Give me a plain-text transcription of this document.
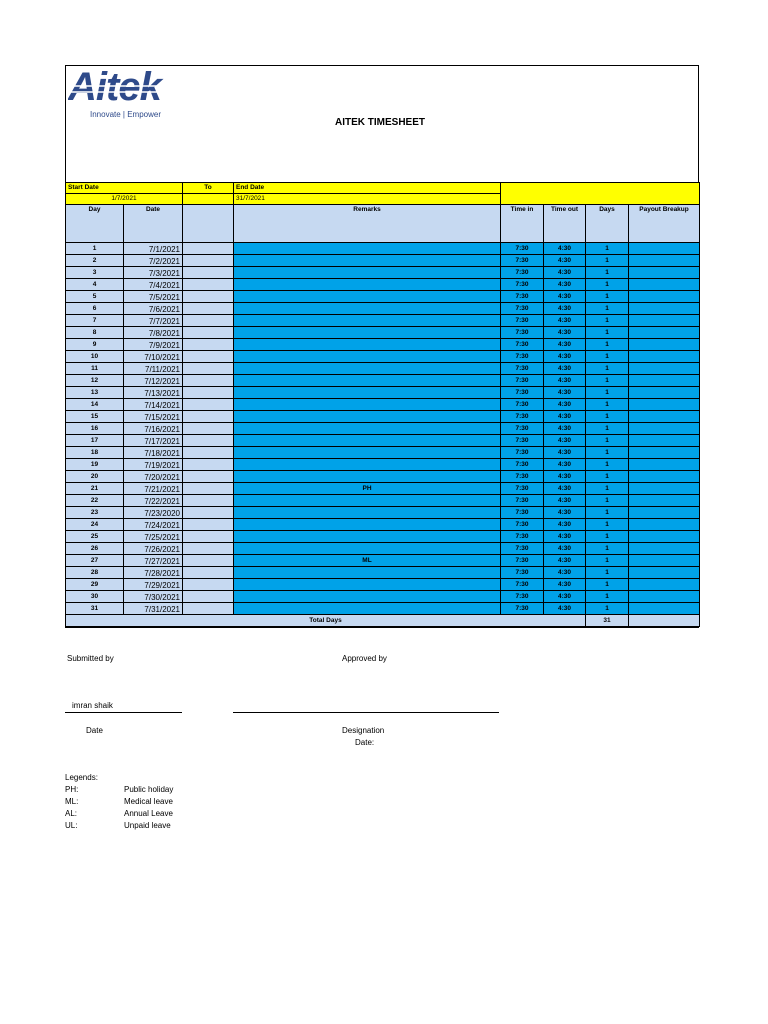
Aitek
Innovate | Empower
AITEK TIMESHEET
Start Date		To	End Date				
1/7/2021			31/7/2021				
Day	Date		Remarks	Time in	Time out	Days	Payout Breakup
1	7/1/2021			7:30	4:30	1	
2	7/2/2021			7:30	4:30	1	
3	7/3/2021			7:30	4:30	1	
4	7/4/2021			7:30	4:30	1	
5	7/5/2021			7:30	4:30	1	
6	7/6/2021			7:30	4:30	1	
7	7/7/2021			7:30	4:30	1	
8	7/8/2021			7:30	4:30	1	
9	7/9/2021			7:30	4:30	1	
10	7/10/2021			7:30	4:30	1	
11	7/11/2021			7:30	4:30	1	
12	7/12/2021			7:30	4:30	1	
13	7/13/2021			7:30	4:30	1	
14	7/14/2021			7:30	4:30	1	
15	7/15/2021			7:30	4:30	1	
16	7/16/2021			7:30	4:30	1	
17	7/17/2021			7:30	4:30	1	
18	7/18/2021			7:30	4:30	1	
19	7/19/2021			7:30	4:30	1	
20	7/20/2021			7:30	4:30	1	
21	7/21/2021		PH	7:30	4:30	1	
22	7/22/2021			7:30	4:30	1	
23	7/23/2020			7:30	4:30	1	
24	7/24/2021			7:30	4:30	1	
25	7/25/2021			7:30	4:30	1	
26	7/26/2021			7:30	4:30	1	
27	7/27/2021		ML	7:30	4:30	1	
28	7/28/2021			7:30	4:30	1	
29	7/29/2021			7:30	4:30	1	
30	7/30/2021			7:30	4:30	1	
31	7/31/2021			7:30	4:30	1	
Total Days						31	
Submitted by	Approved by
imran shaik
Date	Designation
Date:
Legends:
PH:	Public holiday
ML:	Medical leave
AL:	Annual Leave
UL:	Unpaid leave
